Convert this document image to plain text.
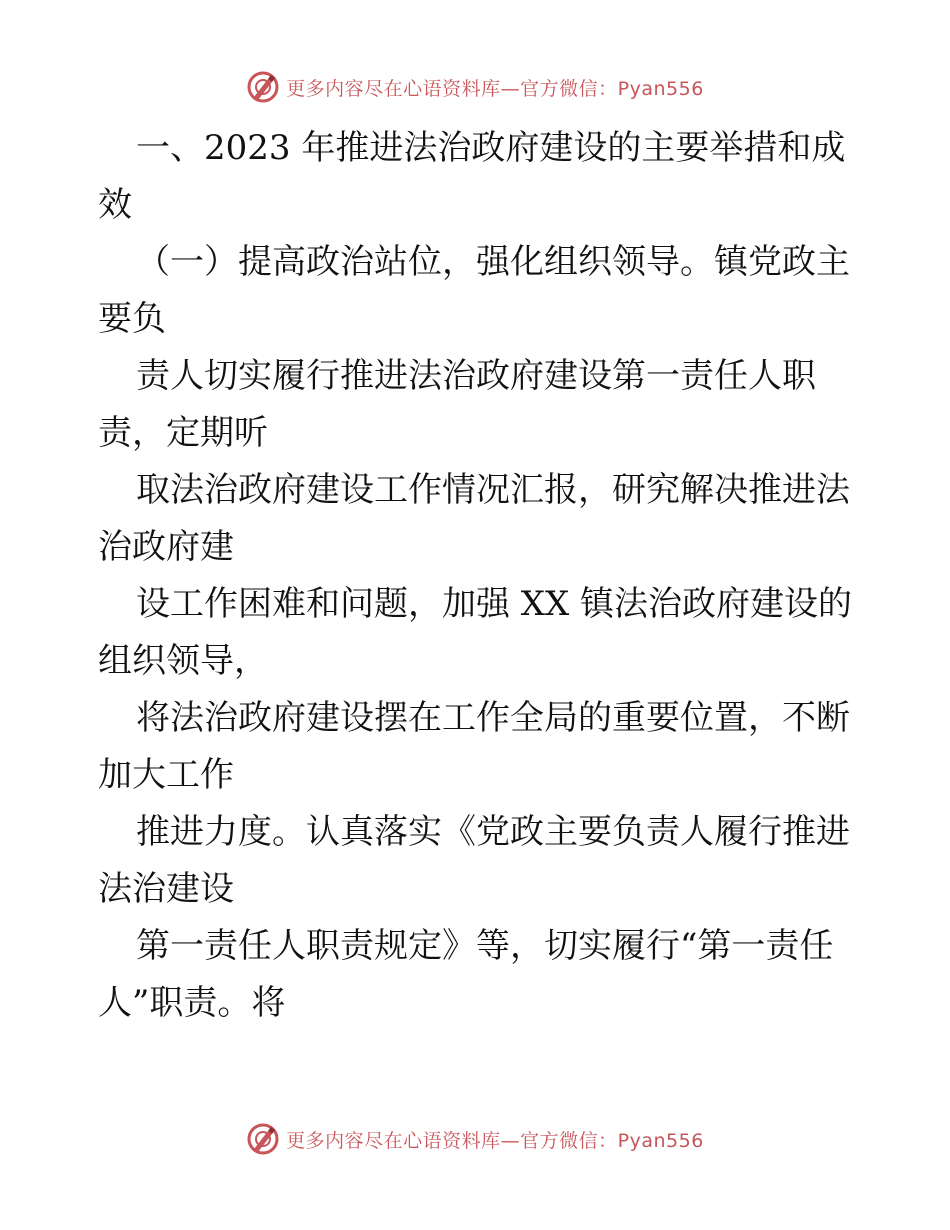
更多内容尽在心语资料库—官方微信：Pyan556

一、2023 年推进法治政府建设的主要举措和成效

（一）提高政治站位，强化组织领导。镇党政主要负

责人切实履行推进法治政府建设第一责任人职责，定期听

取法治政府建设工作情况汇报，研究解决推进法治政府建

设工作困难和问题，加强 XX 镇法治政府建设的组织领导，

将法治政府建设摆在工作全局的重要位置，不断加大工作

推进力度。认真落实《党政主要负责人履行推进法治建设

第一责任人职责规定》等，切实履行“第一责任人”职责。将

更多内容尽在心语资料库—官方微信：Pyan556
